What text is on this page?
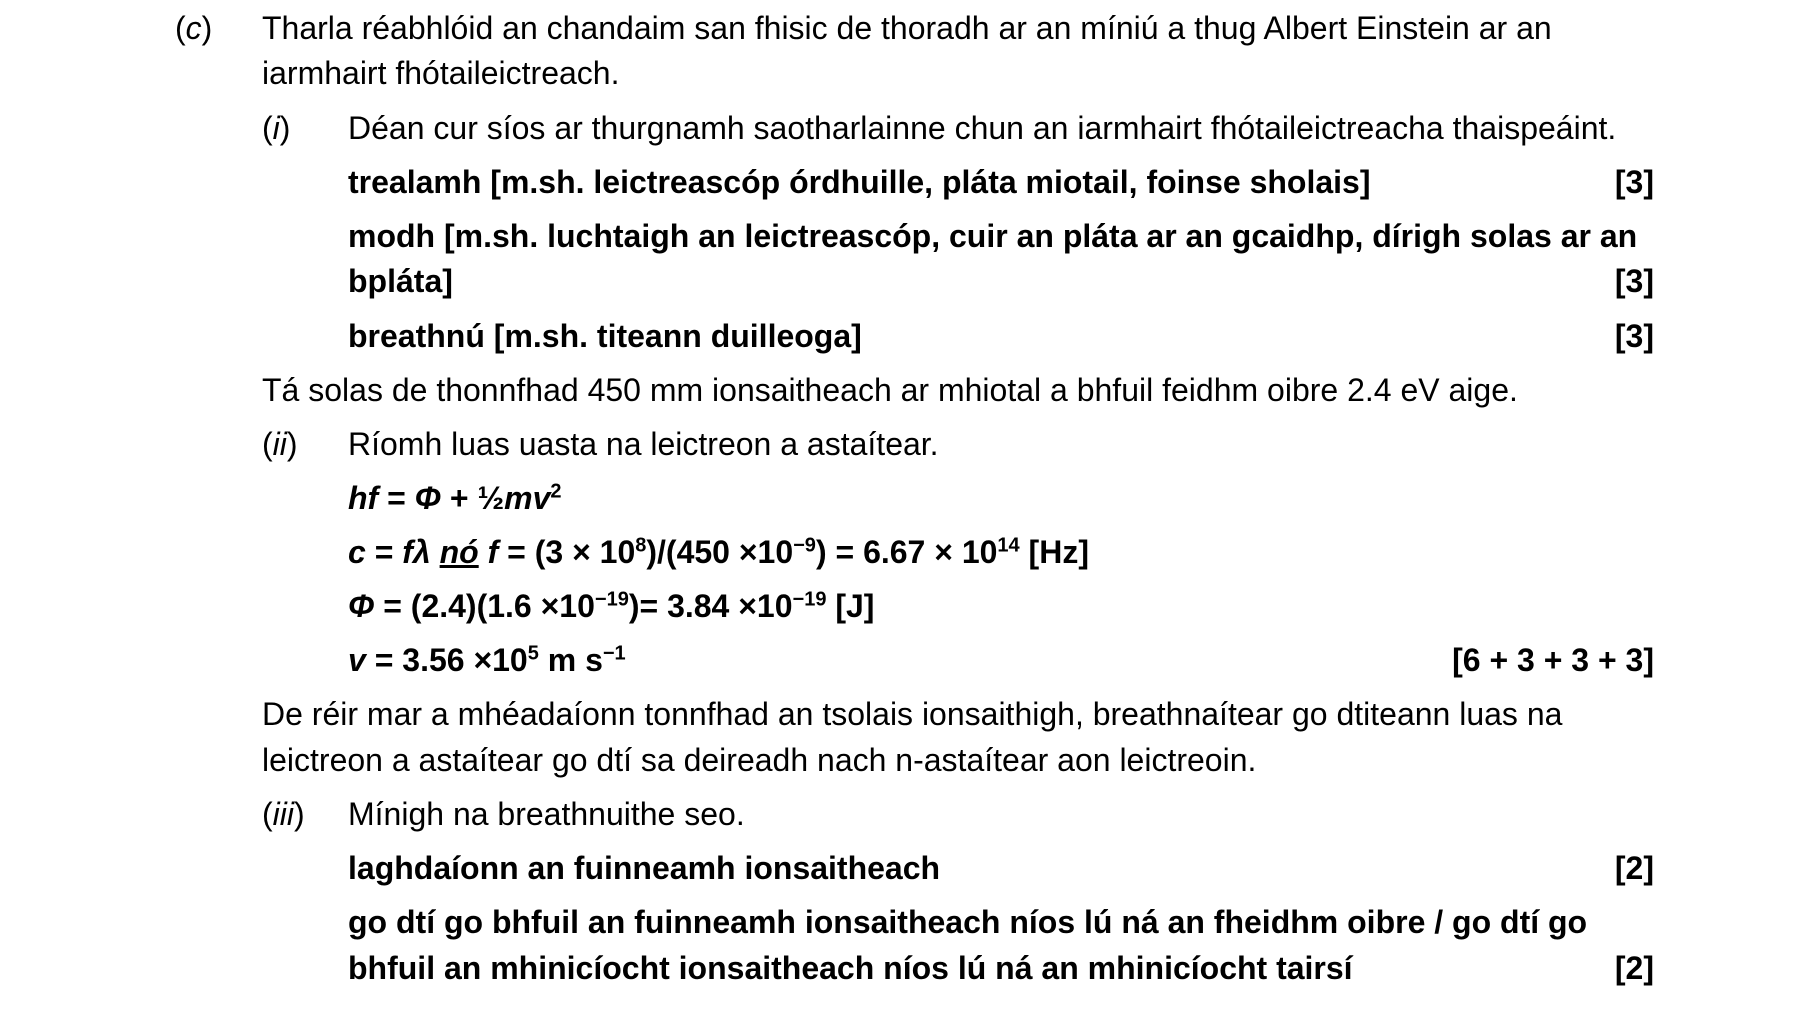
(c) Tharla réabhlóid an chandaim san fhisic de thoradh ar an míniú a thug Albert Einstein ar an
iarmhairt fhótaileictreach.
(i) Déan cur síos ar thurgnamh saotharlainne chun an iarmhairt fhótaileictreacha thaispeáint.
trealamh [m.sh. leictreascóp órdhuille, pláta miotail, foinse sholais]	[3]
modh [m.sh. luchtaigh an leictreascóp, cuir an pláta ar an gcaidhp, dírigh solas ar an
bpláta]	[3]
breathnú [m.sh. titeann duilleoga]	[3]
Tá solas de thonnfhad 450 mm ionsaitheach ar mhiotal a bhfuil feidhm oibre 2.4 eV aige.
(ii) Ríomh luas uasta na leictreon a astaítear.
hf = $\Phi + \frac{1}{2}mv^2$
c = fλ nó $f = (3 \times 10^8)/(450 \times 10^{-9}) = 6.67 \times 10^{14}$ [Hz]
$\Phi = (2.4)(1.6 \times 10^{-19})= 3.84 \times 10^{-19}$ [J]
$v = 3.56 \times 10^5$ m $s^{-1}$	[6 + 3 + 3 + 3]
De réir mar a mhéadaíonn tonnfhad an tsolais ionsaithigh, breathnaítear go dtiteann luas na
leictreon a astaítear go dtí sa deireadh nach n-astaítear aon leictreoin.
(iii) Mínigh na breathnuithe seo.
laghdaíonn an fuinneamh ionsaitheach	[2]
go dtí go bhfuil an fuinneamh ionsaitheach níos lú ná an fheidhm oibre / go dtí go
bhfuil an mhinicíocht ionsaitheach níos lú ná an mhinicíocht tairsí	[2]
